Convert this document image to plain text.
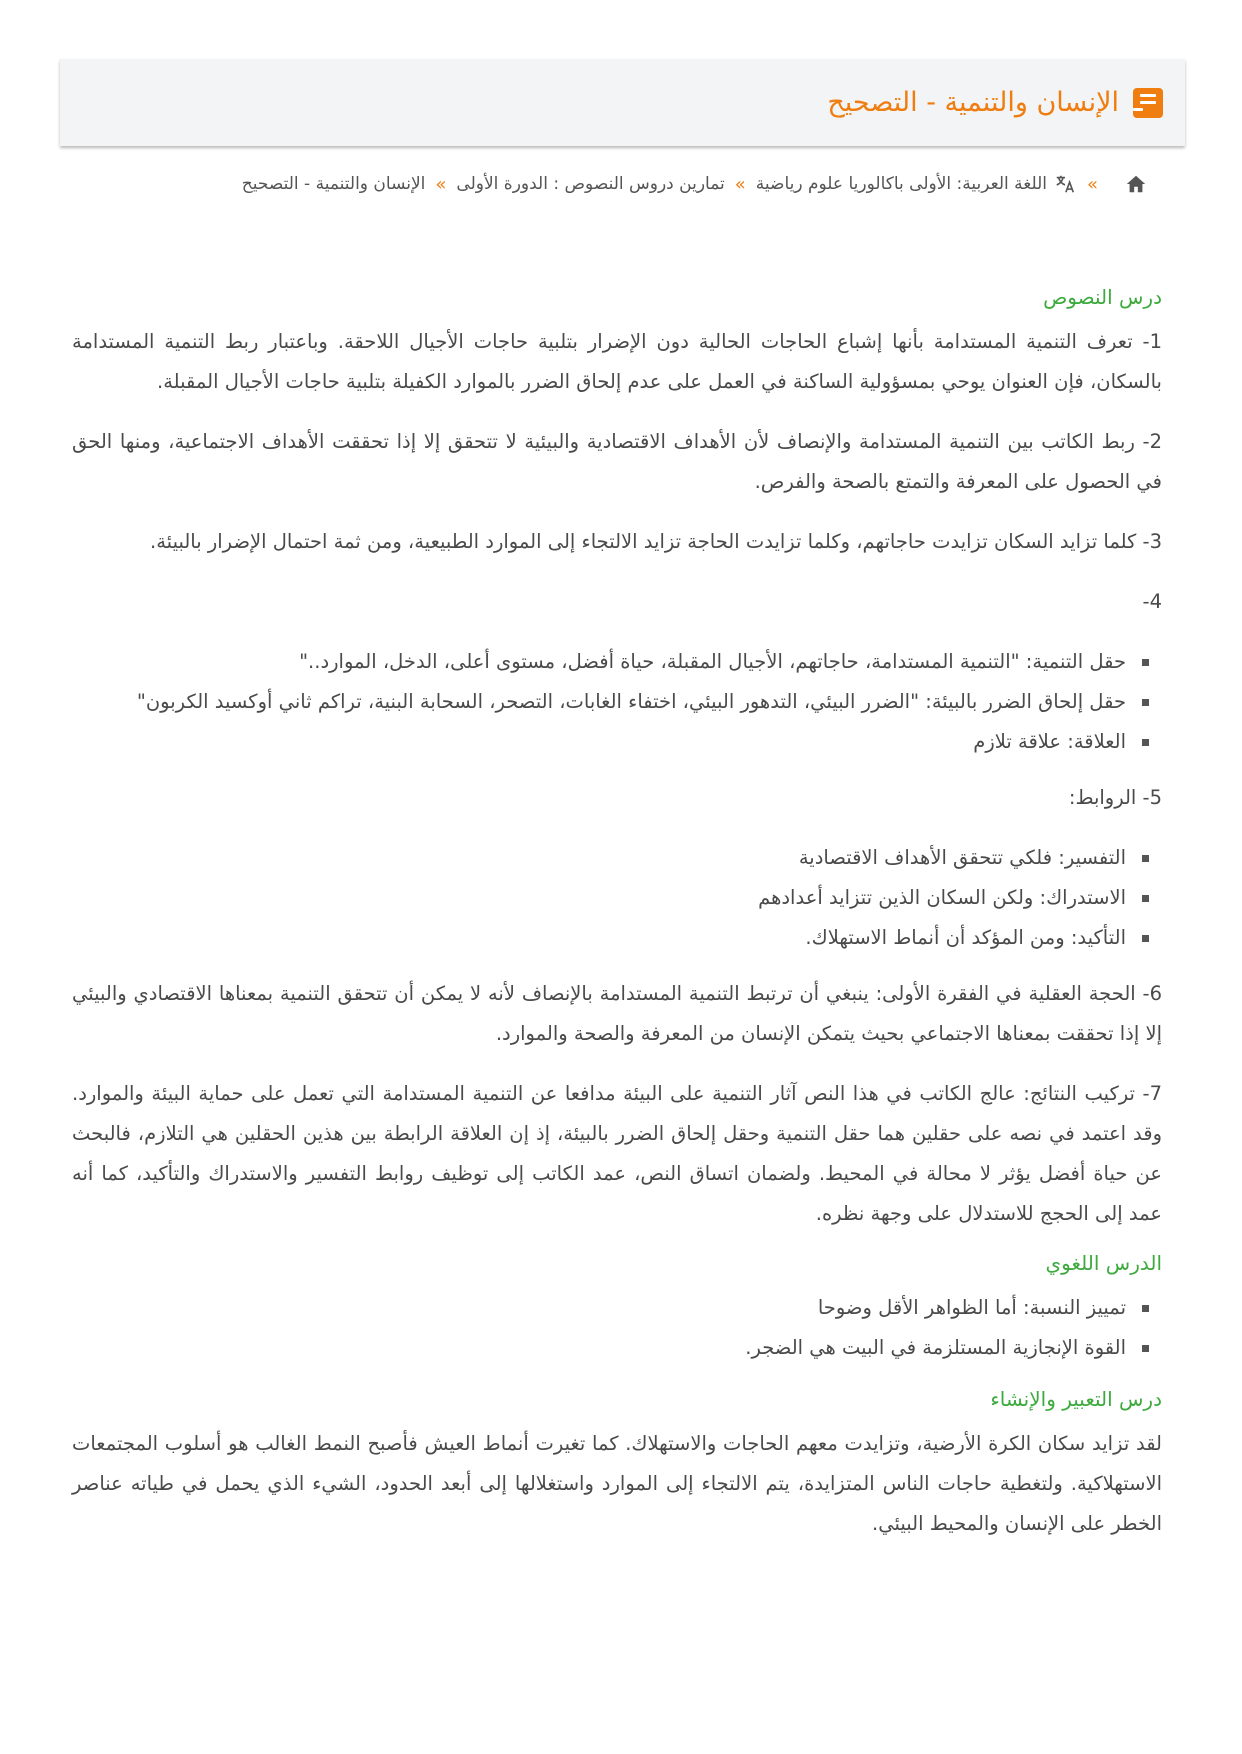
الإنسان والتنمية - التصحيح
»
اللغة العربية: الأولى باكالوريا علوم رياضية
»
تمارين دروس النصوص : الدورة الأولى
»
الإنسان والتنمية - التصحيح
درس النصوص

1- تعرف التنمية المستدامة بأنها إشباع الحاجات الحالية دون الإضرار بتلبية حاجات الأجيال اللاحقة. وباعتبار ربط التنمية المستدامة بالسكان، فإن العنوان يوحي بمسؤولية الساكنة في العمل على عدم إلحاق الضرر بالموارد الكفيلة بتلبية حاجات الأجيال المقبلة.

2- ربط الكاتب بين التنمية المستدامة والإنصاف لأن الأهداف الاقتصادية والبيئية لا تتحقق إلا إذا تحققت الأهداف الاجتماعية، ومنها الحق في الحصول على المعرفة والتمتع بالصحة والفرص.

3- كلما تزايد السكان تزايدت حاجاتهم، وكلما تزايدت الحاجة تزايد الالتجاء إلى الموارد الطبيعية، ومن ثمة احتمال الإضرار بالبيئة.

4-

حقل التنمية: "التنمية المستدامة، حاجاتهم، الأجيال المقبلة، حياة أفضل، مستوى أعلى، الدخل، الموارد.."
حقل إلحاق الضرر بالبيئة: "الضرر البيئي، التدهور البيئي، اختفاء الغابات، التصحر، السحابة البنية، تراكم ثاني أوكسيد الكربون"
العلاقة: علاقة تلازم

5- الروابط:

التفسير: فلكي تتحقق الأهداف الاقتصادية
الاستدراك: ولكن السكان الذين تتزايد أعدادهم
التأكيد: ومن المؤكد أن أنماط الاستهلاك.

6- الحجة العقلية في الفقرة الأولى: ينبغي أن ترتبط التنمية المستدامة بالإنصاف لأنه لا يمكن أن تتحقق التنمية بمعناها الاقتصادي والبيئي إلا إذا تحققت بمعناها الاجتماعي بحيث يتمكن الإنسان من المعرفة والصحة والموارد.

7- تركيب النتائج: عالج الكاتب في هذا النص آثار التنمية على البيئة مدافعا عن التنمية المستدامة التي تعمل على حماية البيئة والموارد. وقد اعتمد في نصه على حقلين هما حقل التنمية وحقل إلحاق الضرر بالبيئة، إذ إن العلاقة الرابطة بين هذين الحقلين هي التلازم، فالبحث عن حياة أفضل يؤثر لا محالة في المحيط. ولضمان اتساق النص، عمد الكاتب إلى توظيف روابط التفسير والاستدراك والتأكيد، كما أنه عمد إلى الحجج للاستدلال على وجهة نظره.

الدرس اللغوي
تمييز النسبة: أما الظواهر الأقل وضوحا
القوة الإنجازية المستلزمة في البيت هي الضجر.
درس التعبير والإنشاء

لقد تزايد سكان الكرة الأرضية، وتزايدت معهم الحاجات والاستهلاك. كما تغيرت أنماط العيش فأصبح النمط الغالب هو أسلوب المجتمعات الاستهلاكية. ولتغطية حاجات الناس المتزايدة، يتم الالتجاء إلى الموارد واستغلالها إلى أبعد الحدود، الشيء الذي يحمل في طياته عناصر الخطر على الإنسان والمحيط البيئي.
